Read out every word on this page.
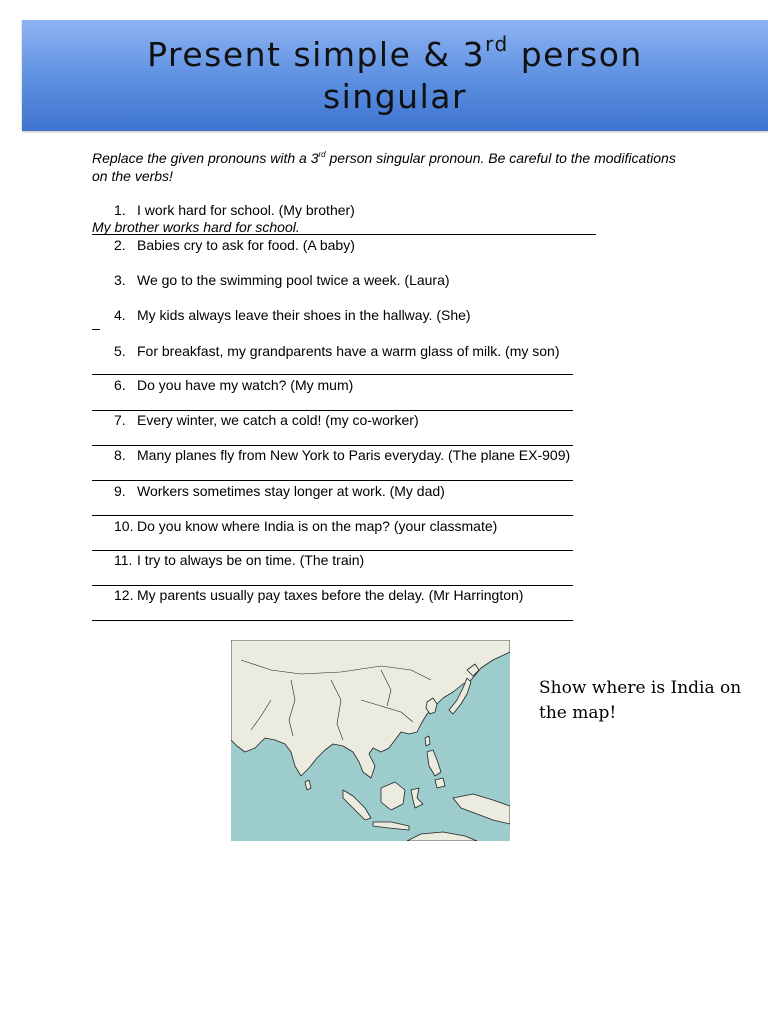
Present simple & 3rd person
singular
Replace the given pronouns with a 3rd person singular pronoun. Be careful to the modifications on the verbs!
1. I work hard for school. (My brother)
My brother works hard for school.
2. Babies cry to ask for food. (A baby)
3. We go to the swimming pool twice a week. (Laura)
4. My kids always leave their shoes in the hallway. (She)
5. For breakfast, my grandparents have a warm glass of milk. (my son)
6. Do you have my watch? (My mum)
7. Every winter, we catch a cold! (my co-worker)
8. Many planes fly from New York to Paris everyday. (The plane EX-909)
9. Workers sometimes stay longer at work. (My dad)
10. Do you know where India is on the map? (your classmate)
11. I try to always be on time. (The train)
12. My parents usually pay taxes before the delay. (Mr Harrington)
Show where is India on the map!
